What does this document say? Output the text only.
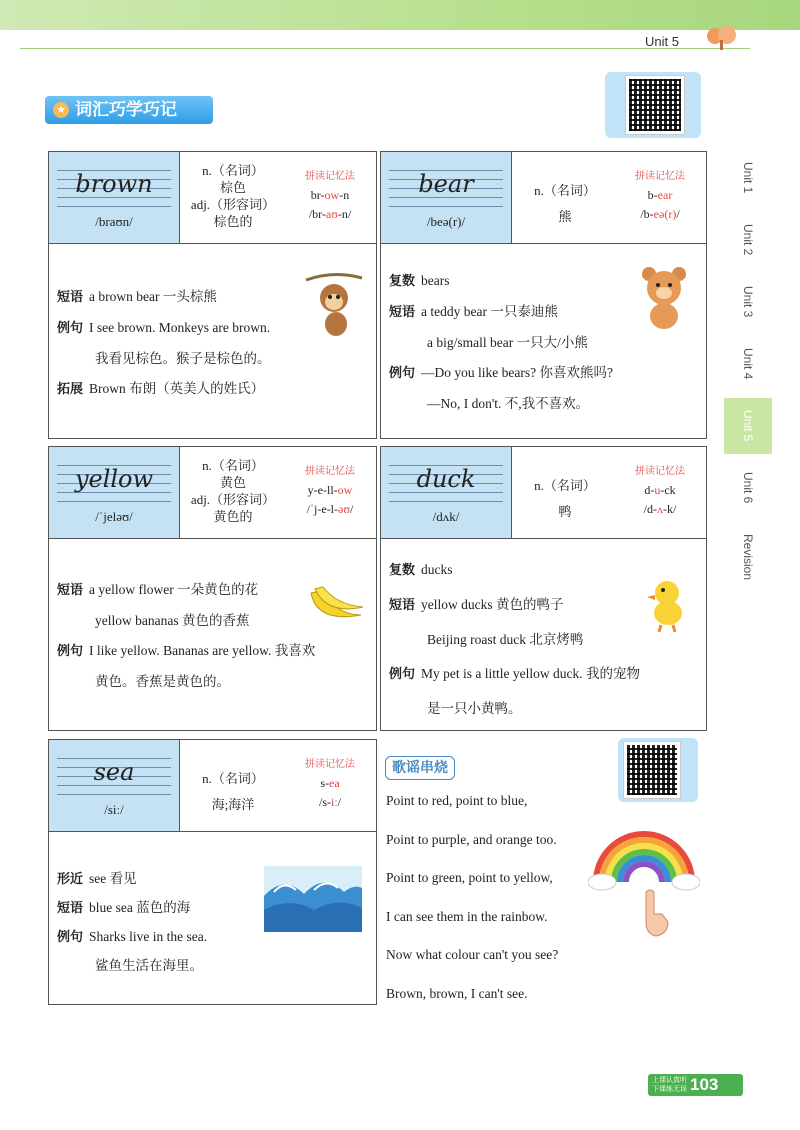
Unit 5
★ 词汇巧学巧记
Unit 1
Unit 2
Unit 3
Unit 4
Unit 5
Unit 6
Revision
brown
/braʊn/
n.（名词）
棕色
adj.（形容词）
棕色的
拼读记忆法
br-ow-n
/br-aʊ-n/
短语 a brown bear 一头棕熊
例句 I see brown. Monkeys are brown.
我看见棕色。猴子是棕色的。
拓展 Brown 布朗（英美人的姓氏）
bear
/beə(r)/
n.（名词）
熊
拼读记忆法
b-ear
/b-eə(r)/
复数 bears
短语 a teddy bear 一只泰迪熊
a big/small bear 一只大/小熊
例句 —Do you like bears? 你喜欢熊吗?
—No, I don't. 不,我不喜欢。
yellow
/ˈjeləʊ/
n.（名词）
黄色
adj.（形容词）
黄色的
拼读记忆法
y-e-ll-ow
/ˈj-e-l-əʊ/
短语 a yellow flower 一朵黄色的花
yellow bananas 黄色的香蕉
例句 I like yellow. Bananas are yellow. 我喜欢
黄色。香蕉是黄色的。
duck
/dʌk/
n.（名词）
鸭
拼读记忆法
d-u-ck
/d-ʌ-k/
复数 ducks
短语 yellow ducks 黄色的鸭子
Beijing roast duck 北京烤鸭
例句 My pet is a little yellow duck. 我的宠物
是一只小黄鸭。
sea
/siː/
n.（名词）
海;海洋
拼读记忆法
s-ea
/s-iː/
形近 see 看见
短语 blue sea 蓝色的海
例句 Sharks live in the sea.
鲨鱼生活在海里。
歌谣串烧
Point to red, point to blue,
Point to purple, and orange too.
Point to green, point to yellow,
I can see them in the rainbow.
Now what colour can't you see?
Brown, brown, I can't see.
上课认真听
下课练无误 103
